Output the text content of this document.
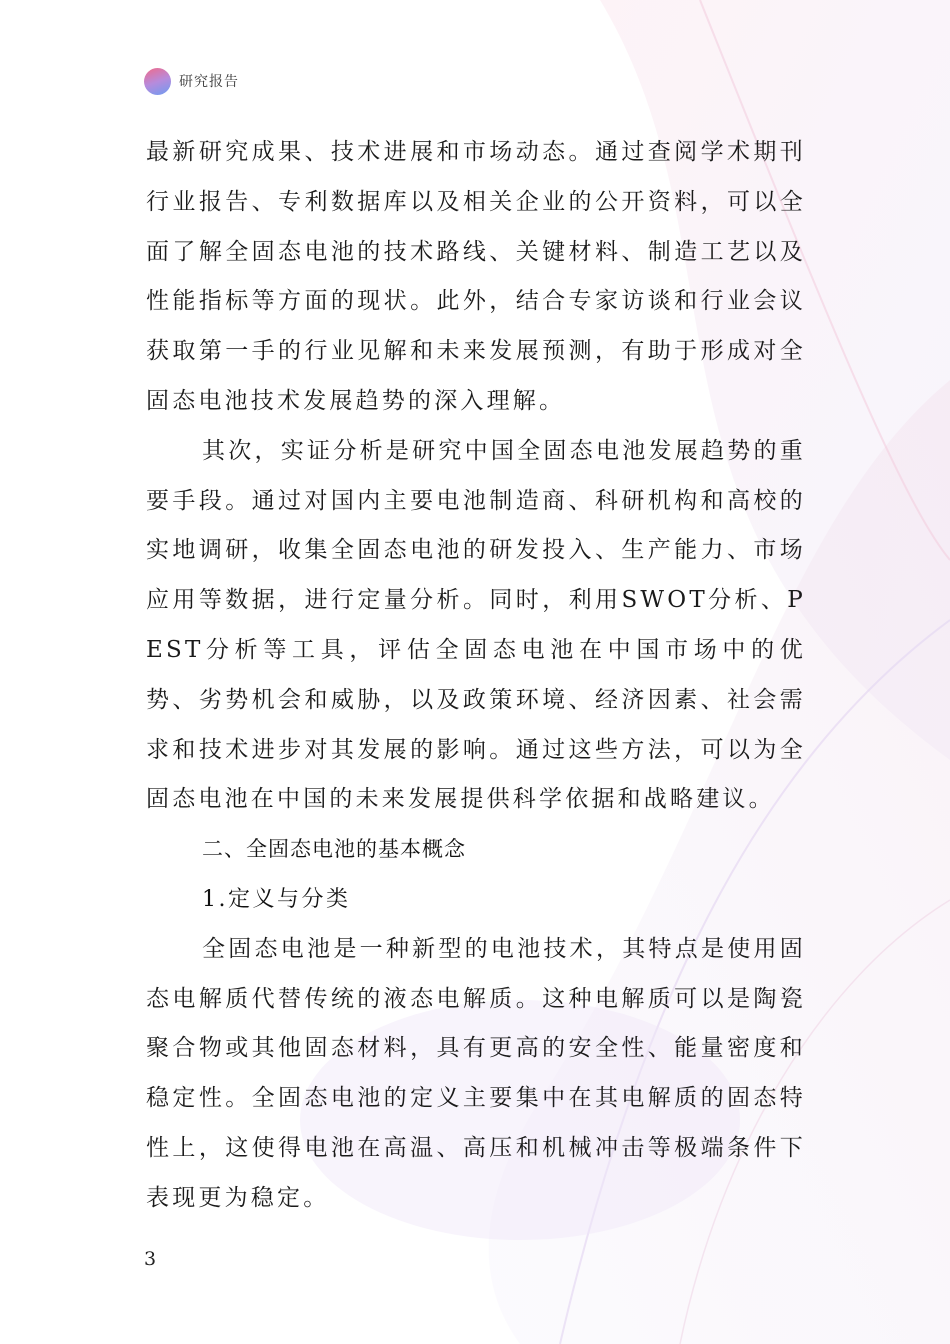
研究报告

最新研究成果、技术进展和市场动态。通过查阅学术期刊行业报告、专利数据库以及相关企业的公开资料，可以全面了解全固态电池的技术路线、关键材料、制造工艺以及性能指标等方面的现状。此外，结合专家访谈和行业会议获取第一手的行业见解和未来发展预测，有助于形成对全固态电池技术发展趋势的深入理解。

其次，实证分析是研究中国全固态电池发展趋势的重要手段。通过对国内主要电池制造商、科研机构和高校的实地调研，收集全固态电池的研发投入、生产能力、市场应用等数据，进行定量分析。同时，利用SWOT分析、PEST分析等工具，评估全固态电池在中国市场中的优势、劣势机会和威胁，以及政策环境、经济因素、社会需求和技术进步对其发展的影响。通过这些方法，可以为全固态电池在中国的未来发展提供科学依据和战略建议。

二、全固态电池的基本概念

1.定义与分类

全固态电池是一种新型的电池技术，其特点是使用固态电解质代替传统的液态电解质。这种电解质可以是陶瓷聚合物或其他固态材料，具有更高的安全性、能量密度和稳定性。全固态电池的定义主要集中在其电解质的固态特性上，这使得电池在高温、高压和机械冲击等极端条件下表现更为稳定。

3
